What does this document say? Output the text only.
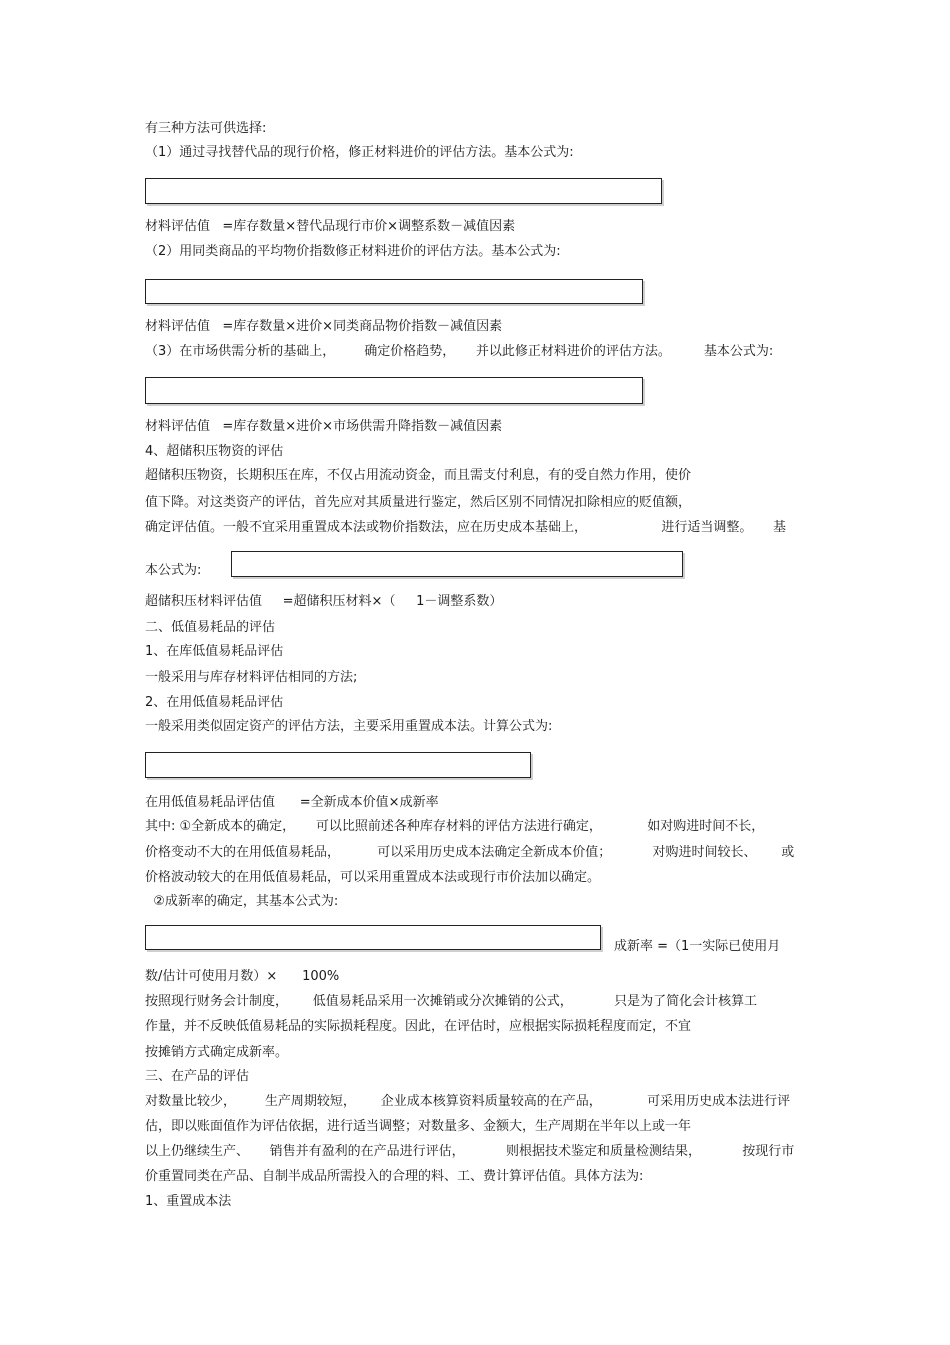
有三种方法可供选择:
（1）通过寻找替代品的现行价格，修正材料进价的评估方法。基本公式为:
材料评估值   =库存数量×替代品现行市价×调整系数－减值因素
（2）用同类商品的平均物价指数修正材料进价的评估方法。基本公式为:
材料评估值   =库存数量×进价×同类商品物价指数－减值因素
（3）在市场供需分析的基础上，       确定价格趋势，     并以此修正材料进价的评估方法。        基本公式为:
材料评估值   =库存数量×进价×市场供需升降指数－减值因素
4、超储积压物资的评估
超储积压物资，长期积压在库，不仅占用流动资金，而且需支付利息，有的受自然力作用，使价
值下降。对这类资产的评估，首先应对其质量进行鉴定，然后区别不同情况扣除相应的贬值额，
确定评估值。一般不宜采用重置成本法或物价指数法，应在历史成本基础上，                  进行适当调整。     基
本公式为:
超储积压材料评估值     =超储积压材料×（     1－调整系数）
二、低值易耗品的评估
1、在库低值易耗品评估
一般采用与库存材料评估相同的方法;
2、在用低值易耗品评估
一般采用类似固定资产的评估方法，主要采用重置成本法。计算公式为:
在用低值易耗品评估值      =全新成本价值×成新率
其中: ①全新成本的确定，     可以比照前述各种库存材料的评估方法进行确定，           如对购进时间不长，
价格变动不大的在用低值易耗品，         可以采用历史成本法确定全新成本价值；          对购进时间较长、      或
价格波动较大的在用低值易耗品，可以采用重置成本法或现行市价法加以确定。
②成新率的确定，其基本公式为:
成新率 =（1一实际已使用月
数/估计可使用月数）×      100%
按照现行财务会计制度，      低值易耗品采用一次摊销或分次摊销的公式，          只是为了简化会计核算工
作量，并不反映低值易耗品的实际损耗程度。因此，在评估时，应根据实际损耗程度而定，不宜
按摊销方式确定成新率。
三、在产品的评估
对数量比较少，       生产周期较短，      企业成本核算资料质量较高的在产品，           可采用历史成本法进行评
估，即以账面值作为评估依据，进行适当调整；对数量多、金额大，生产周期在半年以上或一年
以上仍继续生产、     销售并有盈利的在产品进行评估，          则根据技术鉴定和质量检测结果，          按现行市
价重置同类在产品、自制半成品所需投入的合理的料、工、费计算评估值。具体方法为:
1、重置成本法
